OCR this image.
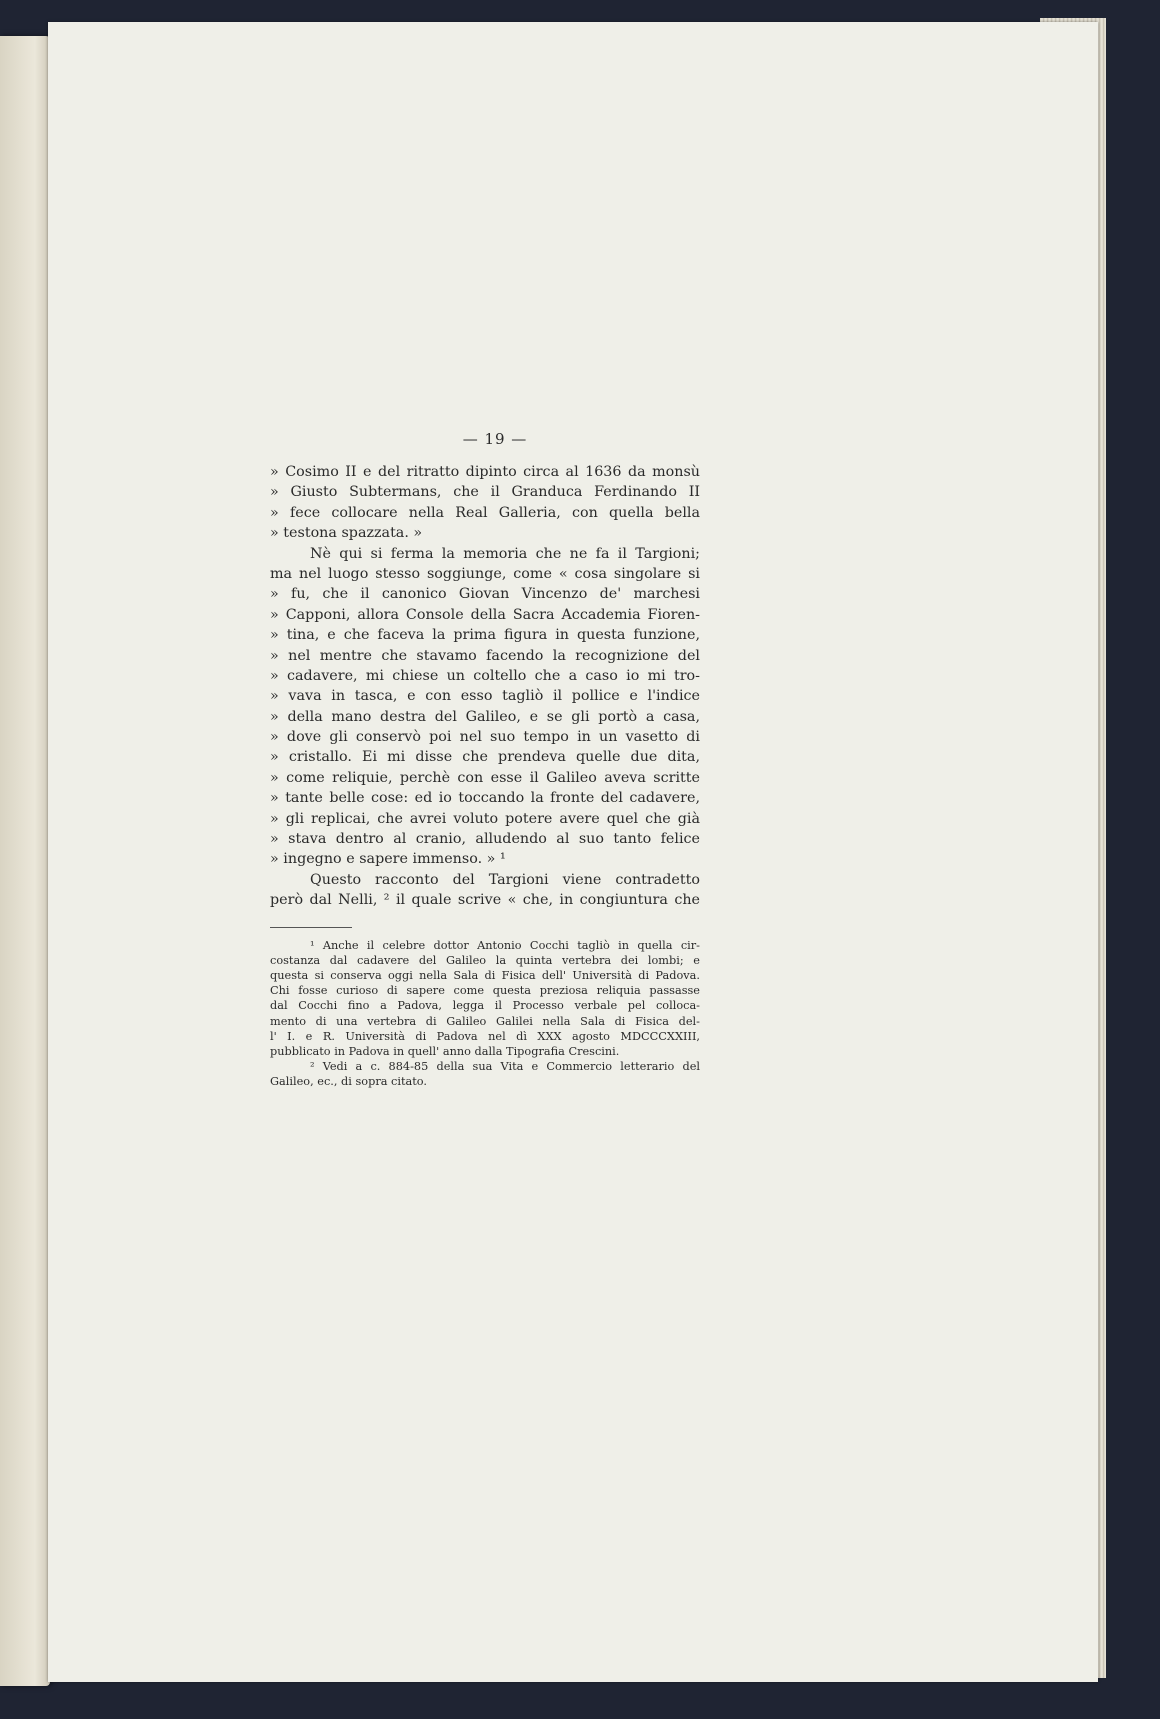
— 19 —
» Cosimo II e del ritratto dipinto circa al 1636 da monsù
» Giusto Subtermans, che il Granduca Ferdinando II
» fece collocare nella Real Galleria, con quella bella
» testona spazzata. »
Nè qui si ferma la memoria che ne fa il Targioni;
ma nel luogo stesso soggiunge, come « cosa singolare si
» fu, che il canonico Giovan Vincenzo de' marchesi
» Capponi, allora Console della Sacra Accademia Fioren-
» tina, e che faceva la prima figura in questa funzione,
» nel mentre che stavamo facendo la recognizione del
» cadavere, mi chiese un coltello che a caso io mi tro-
» vava in tasca, e con esso tagliò il pollice e l'indice
» della mano destra del Galileo, e se gli portò a casa,
» dove gli conservò poi nel suo tempo in un vasetto di
» cristallo. Ei mi disse che prendeva quelle due dita,
» come reliquie, perchè con esse il Galileo aveva scritte
» tante belle cose: ed io toccando la fronte del cadavere,
» gli replicai, che avrei voluto potere avere quel che già
» stava dentro al cranio, alludendo al suo tanto felice
» ingegno e sapere immenso. » ¹
Questo racconto del Targioni viene contradetto
però dal Nelli, ² il quale scrive « che, in congiuntura che
¹ Anche il celebre dottor Antonio Cocchi tagliò in quella cir-
costanza dal cadavere del Galileo la quinta vertebra dei lombi; e
questa si conserva oggi nella Sala di Fisica dell' Università di Padova.
Chi fosse curioso di sapere come questa preziosa reliquia passasse
dal Cocchi fino a Padova, legga il Processo verbale pel colloca-
mento di una vertebra di Galileo Galilei nella Sala di Fisica del-
l' I. e R. Università di Padova nel dì XXX agosto MDCCCXXIII,
pubblicato in Padova in quell' anno dalla Tipografia Crescini.
² Vedi a c. 884-85 della sua Vita e Commercio letterario del
Galileo, ec., di sopra citato.
